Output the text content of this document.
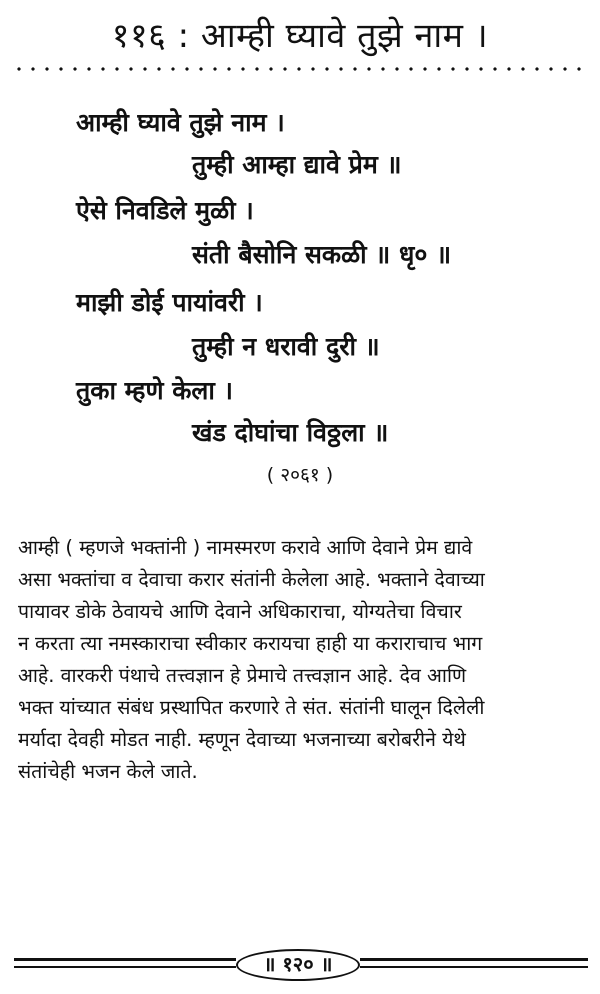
११६ : आम्ही घ्यावे तुझे नाम ।
आम्ही घ्यावे तुझे नाम ।
तुम्ही आम्हा द्यावे प्रेम ॥
ऐसे निवडिले मुळी ।
संती बैसोनि सकळी ॥ धृ० ॥
माझी डोई पायांवरी ।
तुम्ही न धरावी दुरी ॥
तुका म्हणे केला ।
खंड दोघांचा विठ्ठला ॥
( २०६१ )
आम्ही ( म्हणजे भक्तांनी ) नामस्मरण करावे आणि देवाने प्रेम द्यावे
असा भक्तांचा व देवाचा करार संतांनी केलेला आहे. भक्ताने देवाच्या
पायावर डोके ठेवायचे आणि देवाने अधिकाराचा, योग्यतेचा विचार
न करता त्या नमस्काराचा स्वीकार करायचा हाही या कराराचाच भाग
आहे. वारकरी पंथाचे तत्त्वज्ञान हे प्रेमाचे तत्त्वज्ञान आहे. देव आणि
भक्त यांच्यात संबंध प्रस्थापित करणारे ते संत. संतांनी घालून दिलेली
मर्यादा देवही मोडत नाही. म्हणून देवाच्या भजनाच्या बरोबरीने येथे
संतांचेही भजन केले जाते.
॥ १२० ॥
